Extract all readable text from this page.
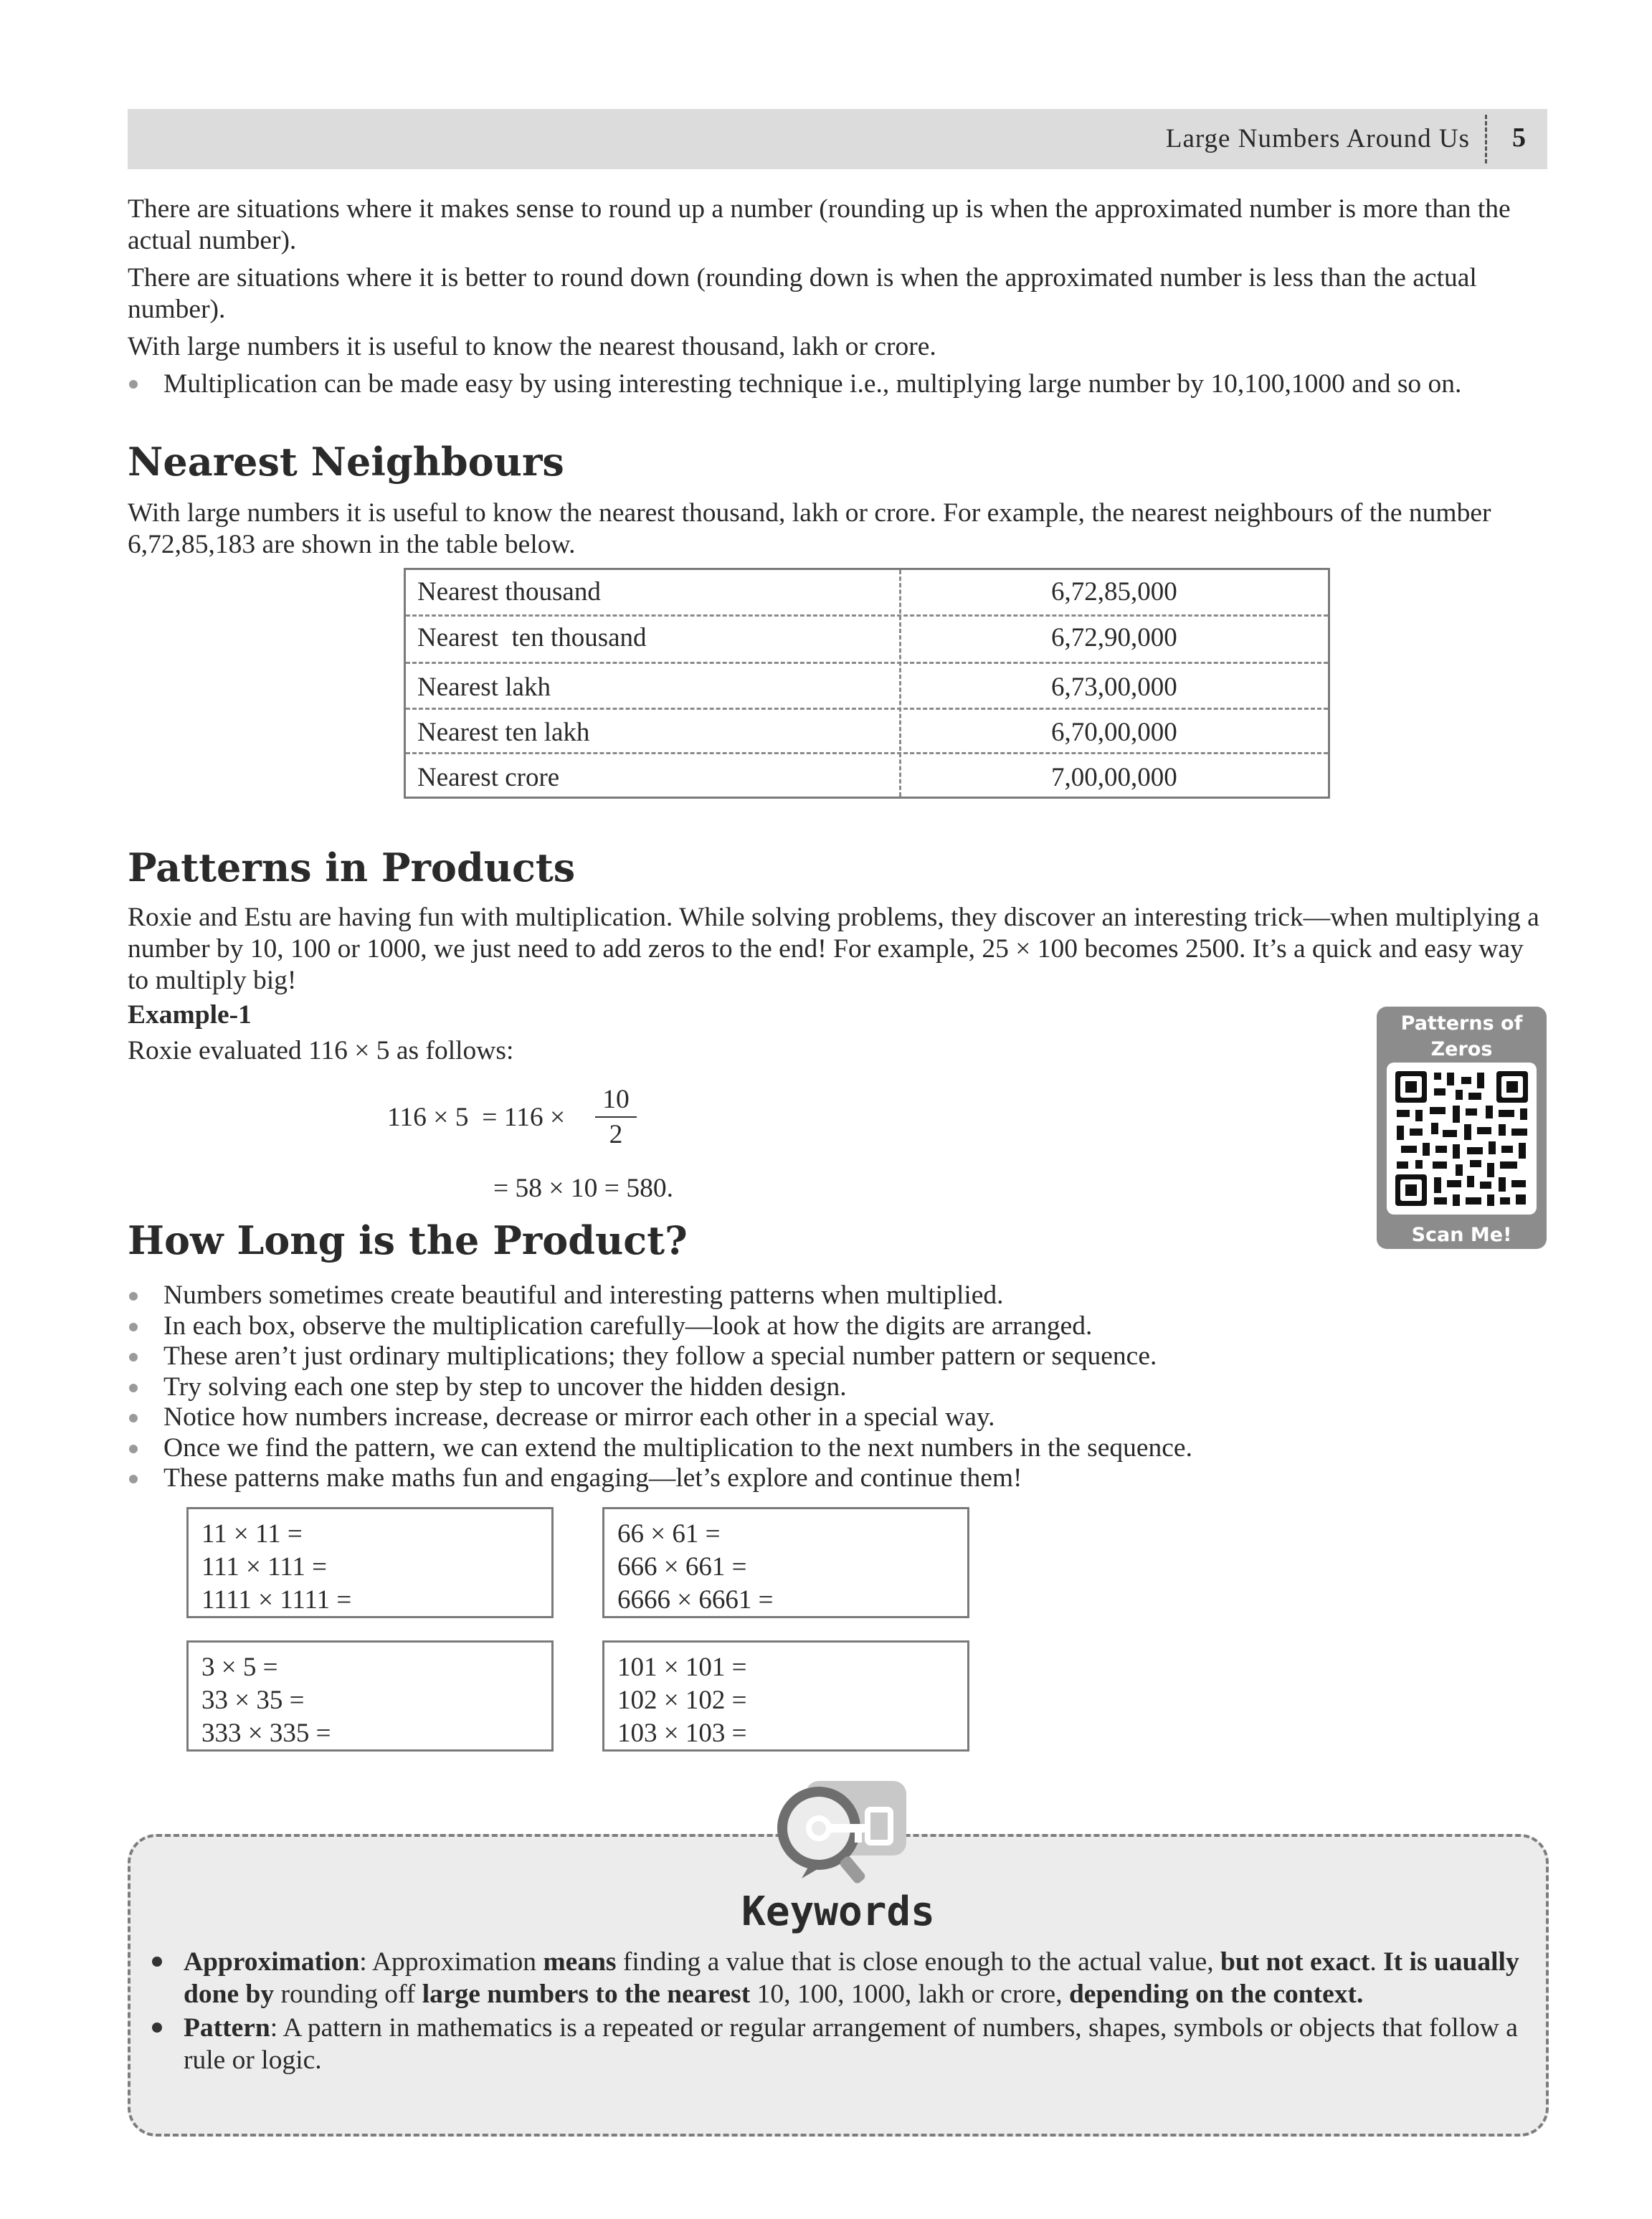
Large Numbers Around Us 5

There are situations where it makes sense to round up a number (rounding up is when the approximated number is more than the actual number).

There are situations where it is better to round down (rounding down is when the approximated number is less than the actual number).

With large numbers it is useful to know the nearest thousand, lakh or crore.

Multiplication can be made easy by using interesting technique i.e., multiplying large number by 10,100,1000 and so on.
Nearest Neighbours

With large numbers it is useful to know the nearest thousand, lakh or crore. For example, the nearest neighbours of the number 6,72,85,183 are shown in the table below.

Nearest thousand	6,72,85,000
Nearest  ten thousand	6,72,90,000
Nearest lakh	6,73,00,000
Nearest ten lakh	6,70,00,000
Nearest crore	7,00,00,000
Patterns in Products

Roxie and Estu are having fun with multiplication. While solving problems, they discover an interesting trick—when multiplying a number by 10, 100 or 1000, we just need to add zeros to the end! For example, 25 × 100 becomes 2500. It’s a quick and easy way to multiply big!

Example-1

Roxie evaluated 116 × 5 as follows:

116 × 5  = 116 ×
10
2
= 58 × 10 = 580.
Patterns of Zeros
Scan Me!
How Long is the Product?
Numbers sometimes create beautiful and interesting patterns when multiplied.
In each box, observe the multiplication carefully—look at how the digits are arranged.
These aren’t just ordinary multiplications; they follow a special number pattern or sequence.
Try solving each one step by step to uncover the hidden design.
Notice how numbers increase, decrease or mirror each other in a special way.
Once we find the pattern, we can extend the multiplication to the next numbers in the sequence.
These patterns make maths fun and engaging—let’s explore and continue them!
11 × 11 =
111 × 111 =
1111 × 1111 =
66 × 61 =
666 × 661 =
6666 × 6661 =
3 × 5 =
33 × 35 =
333 × 335 =
101 × 101 =
102 × 102 =
103 × 103 =
Keywords
Approximation: Approximation means finding a value that is close enough to the actual value, but not exact. It is uaually done by rounding off large numbers to the nearest 10, 100, 1000, lakh or crore, depending on the context.
Pattern: A pattern in mathematics is a repeated or regular arrangement of numbers, shapes, symbols or objects that follow a rule or logic.
